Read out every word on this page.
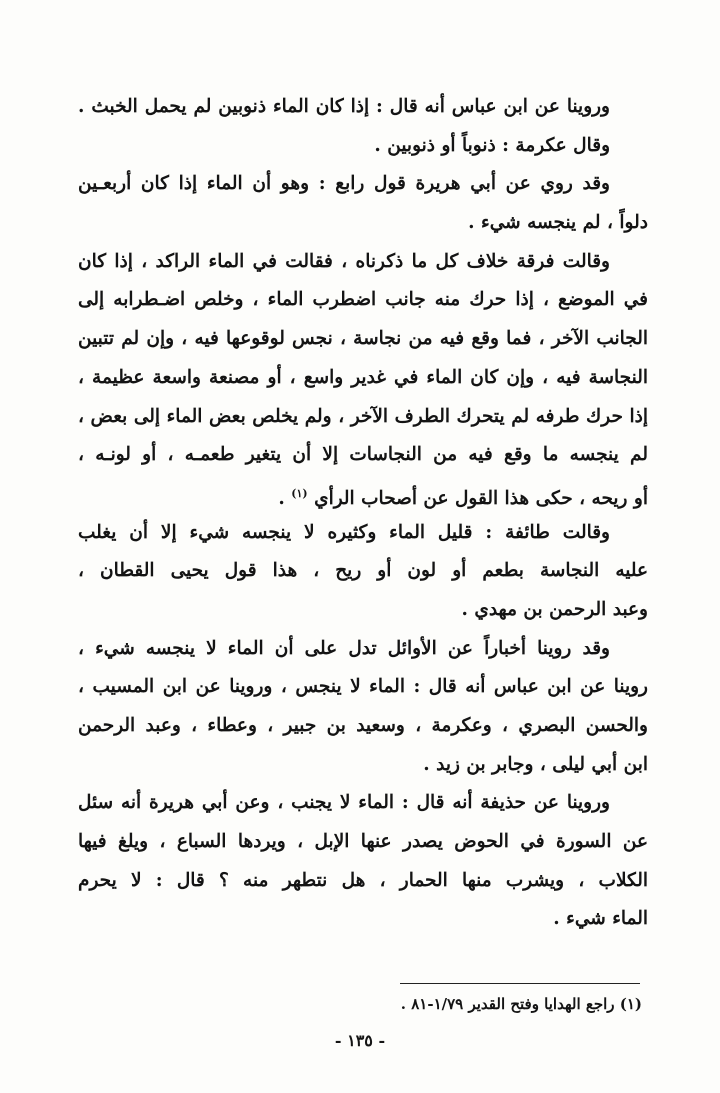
وروينا عن ابن عباس أنه قال : إذا كان الماء ذنوبين لم يحمل الخبث .
وقال عكرمة : ذنوباً أو ذنوبين .
وقد روي عن أبي هريرة قول رابع : وهو أن الماء إذا كان أربعـين
دلواً ، لم ينجسه شيء .
وقالت فرقة خلاف كل ما ذكرناه ، فقالت في الماء الراكد ، إذا كان
في الموضع ، إذا حرك منه جانب اضطرب الماء ، وخلص اضـطرابه إلى
الجانب الآخر ، فما وقع فيه من نجاسة ، نجس لوقوعها فيه ، وإن لم تتبين
النجاسة فيه ، وإن كان الماء في غدير واسع ، أو مصنعة واسعة عظيمة ،
إذا حرك طرفه لم يتحرك الطرف الآخر ، ولم يخلص بعض الماء إلى بعض ،
لم ينجسه ما وقع فيه من النجاسات إلا أن يتغير طعمـه ، أو لونـه ،
أو ريحه ، حكى هذا القول عن أصحاب الرأي $^{(١)}$ .
وقالت طائفة : قليل الماء وكثيره لا ينجسه شيء إلا أن يغلب
عليه النجاسة بطعم أو لون أو ريح ، هذا قول يحيى القطان ،
وعبد الرحمن بن مهدي .
وقد روينا أخباراً عن الأوائل تدل على أن الماء لا ينجسه شيء ،
روينا عن ابن عباس أنه قال : الماء لا ينجس ، وروينا عن ابن المسيب ،
والحسن البصري ، وعكرمة ، وسعيد بن جبير ، وعطاء ، وعبد الرحمن
ابن أبي ليلى ، وجابر بن زيد .
وروينا عن حذيفة أنه قال : الماء لا يجنب ، وعن أبي هريرة أنه سئل
عن السورة في الحوض يصدر عنها الإبل ، ويردها السباع ، ويلغ فيها
الكلاب ، ويشرب منها الحمار ، هل نتطهر منه ؟ قال : لا يحرم
الماء شيء .
(١) راجع الهدايا وفتح القدير ١/٧٩-٨١ .
- ١٣٥ -
